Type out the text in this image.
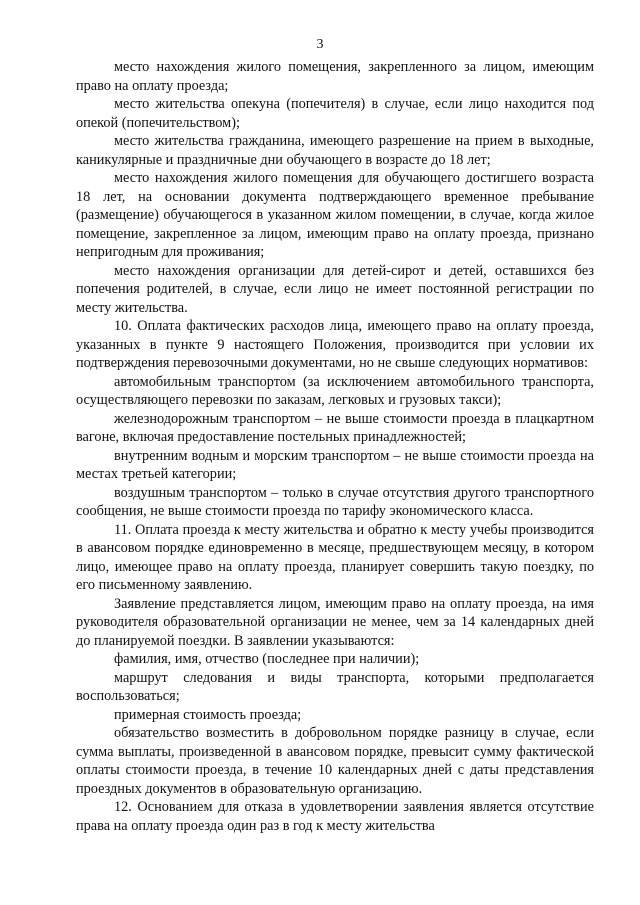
3

место нахождения жилого помещения, закрепленного за лицом, имеющим право на оплату проезда;

место жительства опекуна (попечителя) в случае, если лицо находится под опекой (попечительством);

место жительства гражданина, имеющего разрешение на прием в выходные, каникулярные и праздничные дни обучающего в возрасте до 18 лет;

место нахождения жилого помещения для обучающего достигшего возраста 18 лет, на основании документа подтверждающего временное пребывание (размещение) обучающегося в указанном жилом помещении, в случае, когда жилое помещение, закрепленное за лицом, имеющим право на оплату проезда, признано непригодным для проживания;

место нахождения организации для детей-сирот и детей, оставшихся без попечения родителей, в случае, если лицо не имеет постоянной регистрации по месту жительства.

10. Оплата фактических расходов лица, имеющего право на оплату проезда, указанных в пункте 9 настоящего Положения, производится при условии их подтверждения перевозочными документами, но не свыше следующих нормативов:

автомобильным транспортом (за исключением автомобильного транспорта, осуществляющего перевозки по заказам, легковых и грузовых такси);

железнодорожным транспортом – не выше стоимости проезда в плацкартном вагоне, включая предоставление постельных принадлежностей;

внутренним водным и морским транспортом – не выше стоимости проезда на местах третьей категории;

воздушным транспортом – только в случае отсутствия другого транспортного сообщения, не выше стоимости проезда по тарифу экономического класса.

11. Оплата проезда к месту жительства и обратно к месту учебы производится в авансовом порядке единовременно в месяце, предшествующем месяцу, в котором лицо, имеющее право на оплату проезда, планирует совершить такую поездку, по его письменному заявлению.

Заявление представляется лицом, имеющим право на оплату проезда, на имя руководителя образовательной организации не менее, чем за 14 календарных дней до планируемой поездки. В заявлении указываются:

фамилия, имя, отчество (последнее при наличии);

маршрут следования и виды транспорта, которыми предполагается воспользоваться;

примерная стоимость проезда;

обязательство возместить в добровольном порядке разницу в случае, если сумма выплаты, произведенной в авансовом порядке, превысит сумму фактической оплаты стоимости проезда, в течение 10 календарных дней с даты представления проездных документов в образовательную организацию.

12. Основанием для отказа в удовлетворении заявления является отсутствие права на оплату проезда один раз в год к месту жительства
